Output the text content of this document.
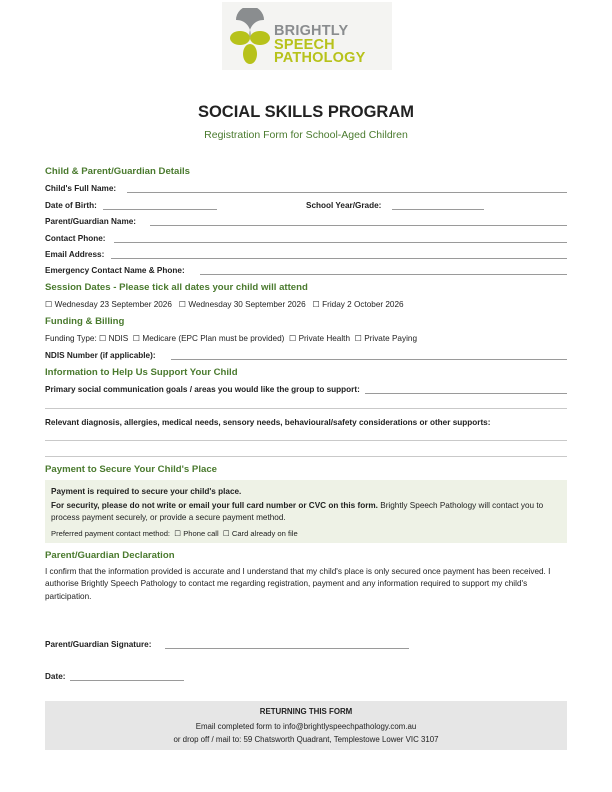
BRIGHTLY
SPEECH
PATHOLOGY
SOCIAL SKILLS PROGRAM
Registration Form for School-Aged Children
Child & Parent/Guardian Details
Child's Full Name:
Date of Birth:	School Year/Grade:
Parent/Guardian Name:
Contact Phone:
Email Address:
Emergency Contact Name & Phone:
Session Dates - Please tick all dates your child will attend
☐ Wednesday 23 September 2026 ☐ Wednesday 30 September 2026 ☐ Friday 2 October 2026
Funding & Billing
Funding Type: ☐ NDIS ☐ Medicare (EPC Plan must be provided) ☐ Private Health ☐ Private Paying
NDIS Number (if applicable):
Information to Help Us Support Your Child
Primary social communication goals / areas you would like the group to support:
Relevant diagnosis, allergies, medical needs, sensory needs, behavioural/safety considerations or other supports:
Payment to Secure Your Child's Place
Payment is required to secure your child's place.
For security, please do not write or email your full card number or CVC on this form. Brightly Speech Pathology will contact you to process payment securely, or provide a secure payment method.
Preferred payment contact method: ☐ Phone call ☐ Card already on file
Parent/Guardian Declaration
I confirm that the information provided is accurate and I understand that my child's place is only secured once payment has been received. I authorise Brightly Speech Pathology to contact me regarding registration, payment and any information required to support my child's participation.
Parent/Guardian Signature:
Date:
RETURNING THIS FORM
Email completed form to info@brightlyspeechpathology.com.au
or drop off / mail to: 59 Chatsworth Quadrant, Templestowe Lower VIC 3107
